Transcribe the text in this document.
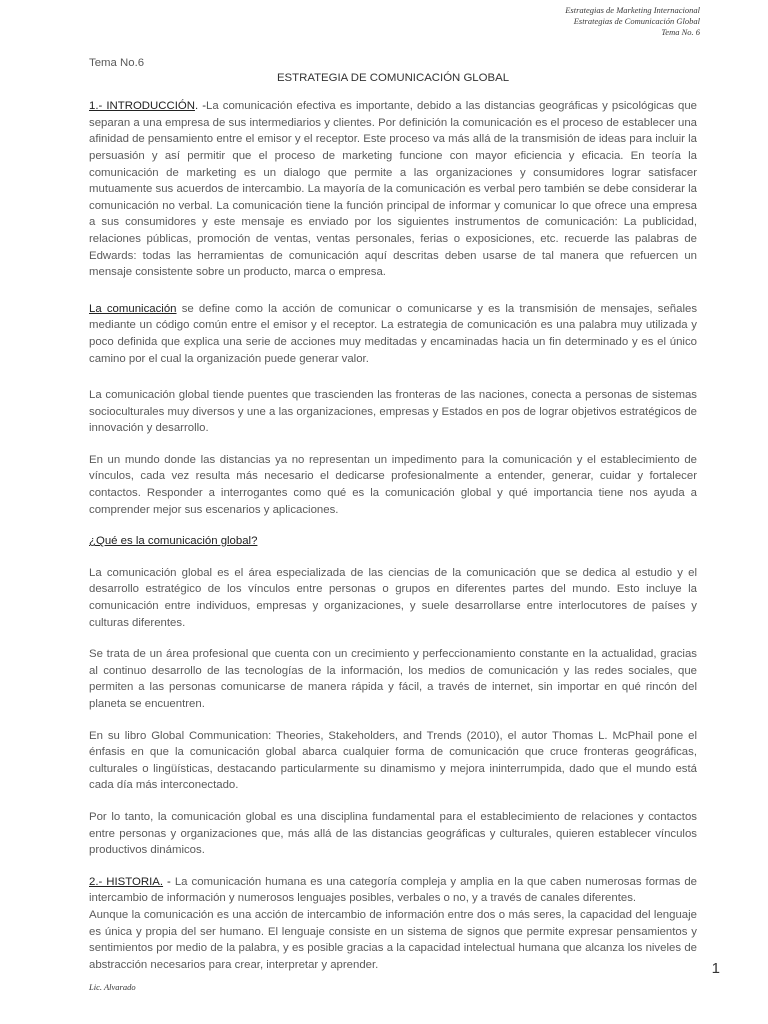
Estrategias de Marketing Internacional
Estrategias de Comunicación Global
Tema No. 6

Tema No.6

ESTRATEGIA DE COMUNICACIÓN GLOBAL

1.- INTRODUCCIÓN. -La comunicación efectiva es importante, debido a las distancias geográficas y psicológicas que separan a una empresa de sus intermediarios y clientes. Por definición la comunicación es el proceso de establecer una afinidad de pensamiento entre el emisor y el receptor. Este proceso va más allá de la transmisión de ideas para incluir la persuasión y así permitir que el proceso de marketing funcione con mayor eficiencia y eficacia. En teoría la comunicación de marketing es un dialogo que permite a las organizaciones y consumidores lograr satisfacer mutuamente sus acuerdos de intercambio. La mayoría de la comunicación es verbal pero también se debe considerar la comunicación no verbal. La comunicación tiene la función principal de informar y comunicar lo que ofrece una empresa a sus consumidores y este mensaje es enviado por los siguientes instrumentos de comunicación: La publicidad, relaciones públicas, promoción de ventas, ventas personales, ferias o exposiciones, etc. recuerde las palabras de Edwards: todas las herramientas de comunicación aquí descritas deben usarse de tal manera que refuercen un mensaje consistente sobre un producto, marca o empresa.

La comunicación se define como la acción de comunicar o comunicarse y es la transmisión de mensajes, señales mediante un código común entre el emisor y el receptor. La estrategia de comunicación es una palabra muy utilizada y poco definida que explica una serie de acciones muy meditadas y encaminadas hacia un fin determinado y es el único camino por el cual la organización puede generar valor.

La comunicación global tiende puentes que trascienden las fronteras de las naciones, conecta a personas de sistemas socioculturales muy diversos y une a las organizaciones, empresas y Estados en pos de lograr objetivos estratégicos de innovación y desarrollo.

En un mundo donde las distancias ya no representan un impedimento para la comunicación y el establecimiento de vínculos, cada vez resulta más necesario el dedicarse profesionalmente a entender, generar, cuidar y fortalecer contactos. Responder a interrogantes como qué es la comunicación global y qué importancia tiene nos ayuda a comprender mejor sus escenarios y aplicaciones.

¿Qué es la comunicación global?

La comunicación global es el área especializada de las ciencias de la comunicación que se dedica al estudio y el desarrollo estratégico de los vínculos entre personas o grupos en diferentes partes del mundo. Esto incluye la comunicación entre individuos, empresas y organizaciones, y suele desarrollarse entre interlocutores de países y culturas diferentes.

Se trata de un área profesional que cuenta con un crecimiento y perfeccionamiento constante en la actualidad, gracias al continuo desarrollo de las tecnologías de la información, los medios de comunicación y las redes sociales, que permiten a las personas comunicarse de manera rápida y fácil, a través de internet, sin importar en qué rincón del planeta se encuentren.

En su libro Global Communication: Theories, Stakeholders, and Trends (2010), el autor Thomas L. McPhail pone el énfasis en que la comunicación global abarca cualquier forma de comunicación que cruce fronteras geográficas, culturales o lingüísticas, destacando particularmente su dinamismo y mejora ininterrumpida, dado que el mundo está cada día más interconectado.

Por lo tanto, la comunicación global es una disciplina fundamental para el establecimiento de relaciones y contactos entre personas y organizaciones que, más allá de las distancias geográficas y culturales, quieren establecer vínculos productivos dinámicos.

2.- HISTORIA. - La comunicación humana es una categoría compleja y amplia en la que caben numerosas formas de intercambio de información y numerosos lenguajes posibles, verbales o no, y a través de canales diferentes.

Aunque la comunicación es una acción de intercambio de información entre dos o más seres, la capacidad del lenguaje es única y propia del ser humano. El lenguaje consiste en un sistema de signos que permite expresar pensamientos y sentimientos por medio de la palabra, y es posible gracias a la capacidad intelectual humana que alcanza los niveles de abstracción necesarios para crear, interpretar y aprender.	1
Lic. Alvarado
